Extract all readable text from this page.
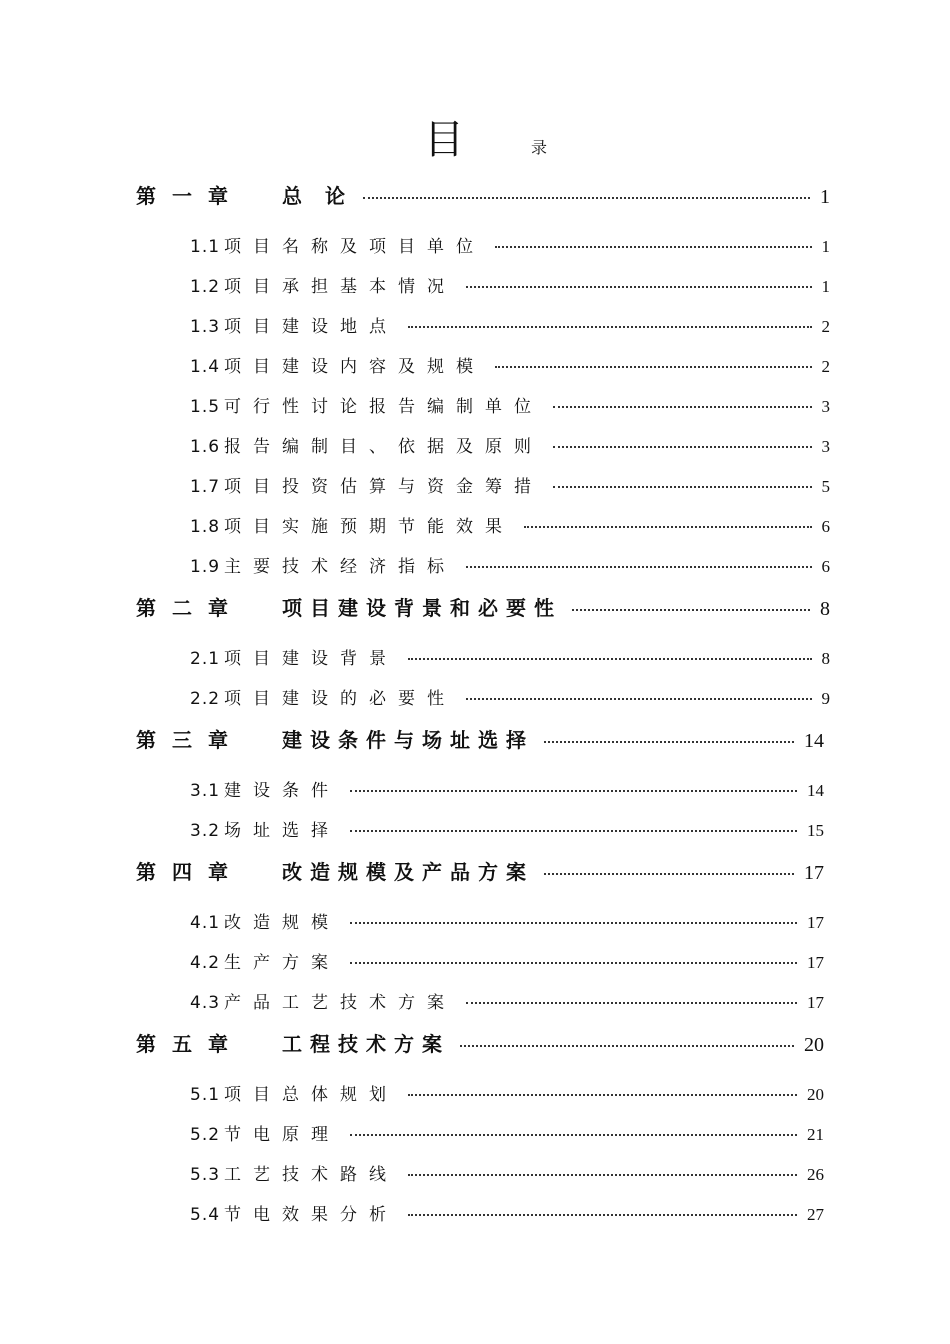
目	录
第一章 总 论	1
1.1 项目名称及项目单位	1
1.2 项目承担基本情况	1
1.3 项目建设地点	2
1.4 项目建设内容及规模	2
1.5 可行性讨论报告编制单位	3
1.6 报告编制目、依据及原则	3
1.7 项目投资估算与资金筹措	5
1.8 项目实施预期节能效果	6
1.9 主要技术经济指标	6
第二章 项目建设背景和必要性	8
2.1 项目建设背景	8
2.2 项目建设的必要性	9
第三章 建设条件与场址选择	14
3.1 建设条件	14
3.2 场址选择	15
第四章 改造规模及产品方案	17
4.1 改造规模	17
4.2 生产方案	17
4.3 产品工艺技术方案	17
第五章 工程技术方案	20
5.1 项目总体规划	20
5.2 节电原理	21
5.3 工艺技术路线	26
5.4 节电效果分析	27
